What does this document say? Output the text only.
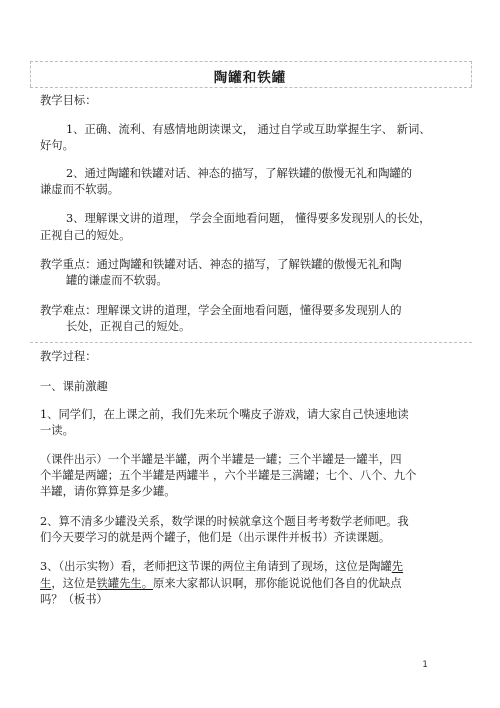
陶罐和铁罐
教学目标：
1、正确、流利、有感情地朗读课文， 通过自学或互助掌握生字、 新词、
好句。
2、通过陶罐和铁罐对话、神态的描写，了解铁罐的傲慢无礼和陶罐的
谦虚而不软弱。
3、理解课文讲的道理， 学会全面地看问题， 懂得要多发现别人的长处，
正视自己的短处。
教学重点：通过陶罐和铁罐对话、神态的描写，了解铁罐的傲慢无礼和陶
罐的谦虚而不软弱。
教学难点：理解课文讲的道理，学会全面地看问题，懂得要多发现别人的
长处，正视自己的短处。
教学过程：
一、课前激趣
1、同学们，在上课之前，我们先来玩个嘴皮子游戏，请大家自己快速地读
一读。
（课件出示）一个半罐是半罐，两个半罐是一罐；三个半罐是一罐半，四
个半罐是两罐；五个半罐是两罐半 ，六个半罐是三满罐；七个、八个、九个
半罐，请你算算是多少罐。
2、算不清多少罐没关系，数学课的时候就拿这个题目考考数学老师吧。我
们今天要学习的就是两个罐子，他们是（出示课件并板书）齐读课题。
3、（出示实物）看，老师把这节课的两位主角请到了现场，这位是陶罐先
生，这位是铁罐先生。原来大家都认识啊，那你能说说他们各自的优缺点
吗？（板书）
1
